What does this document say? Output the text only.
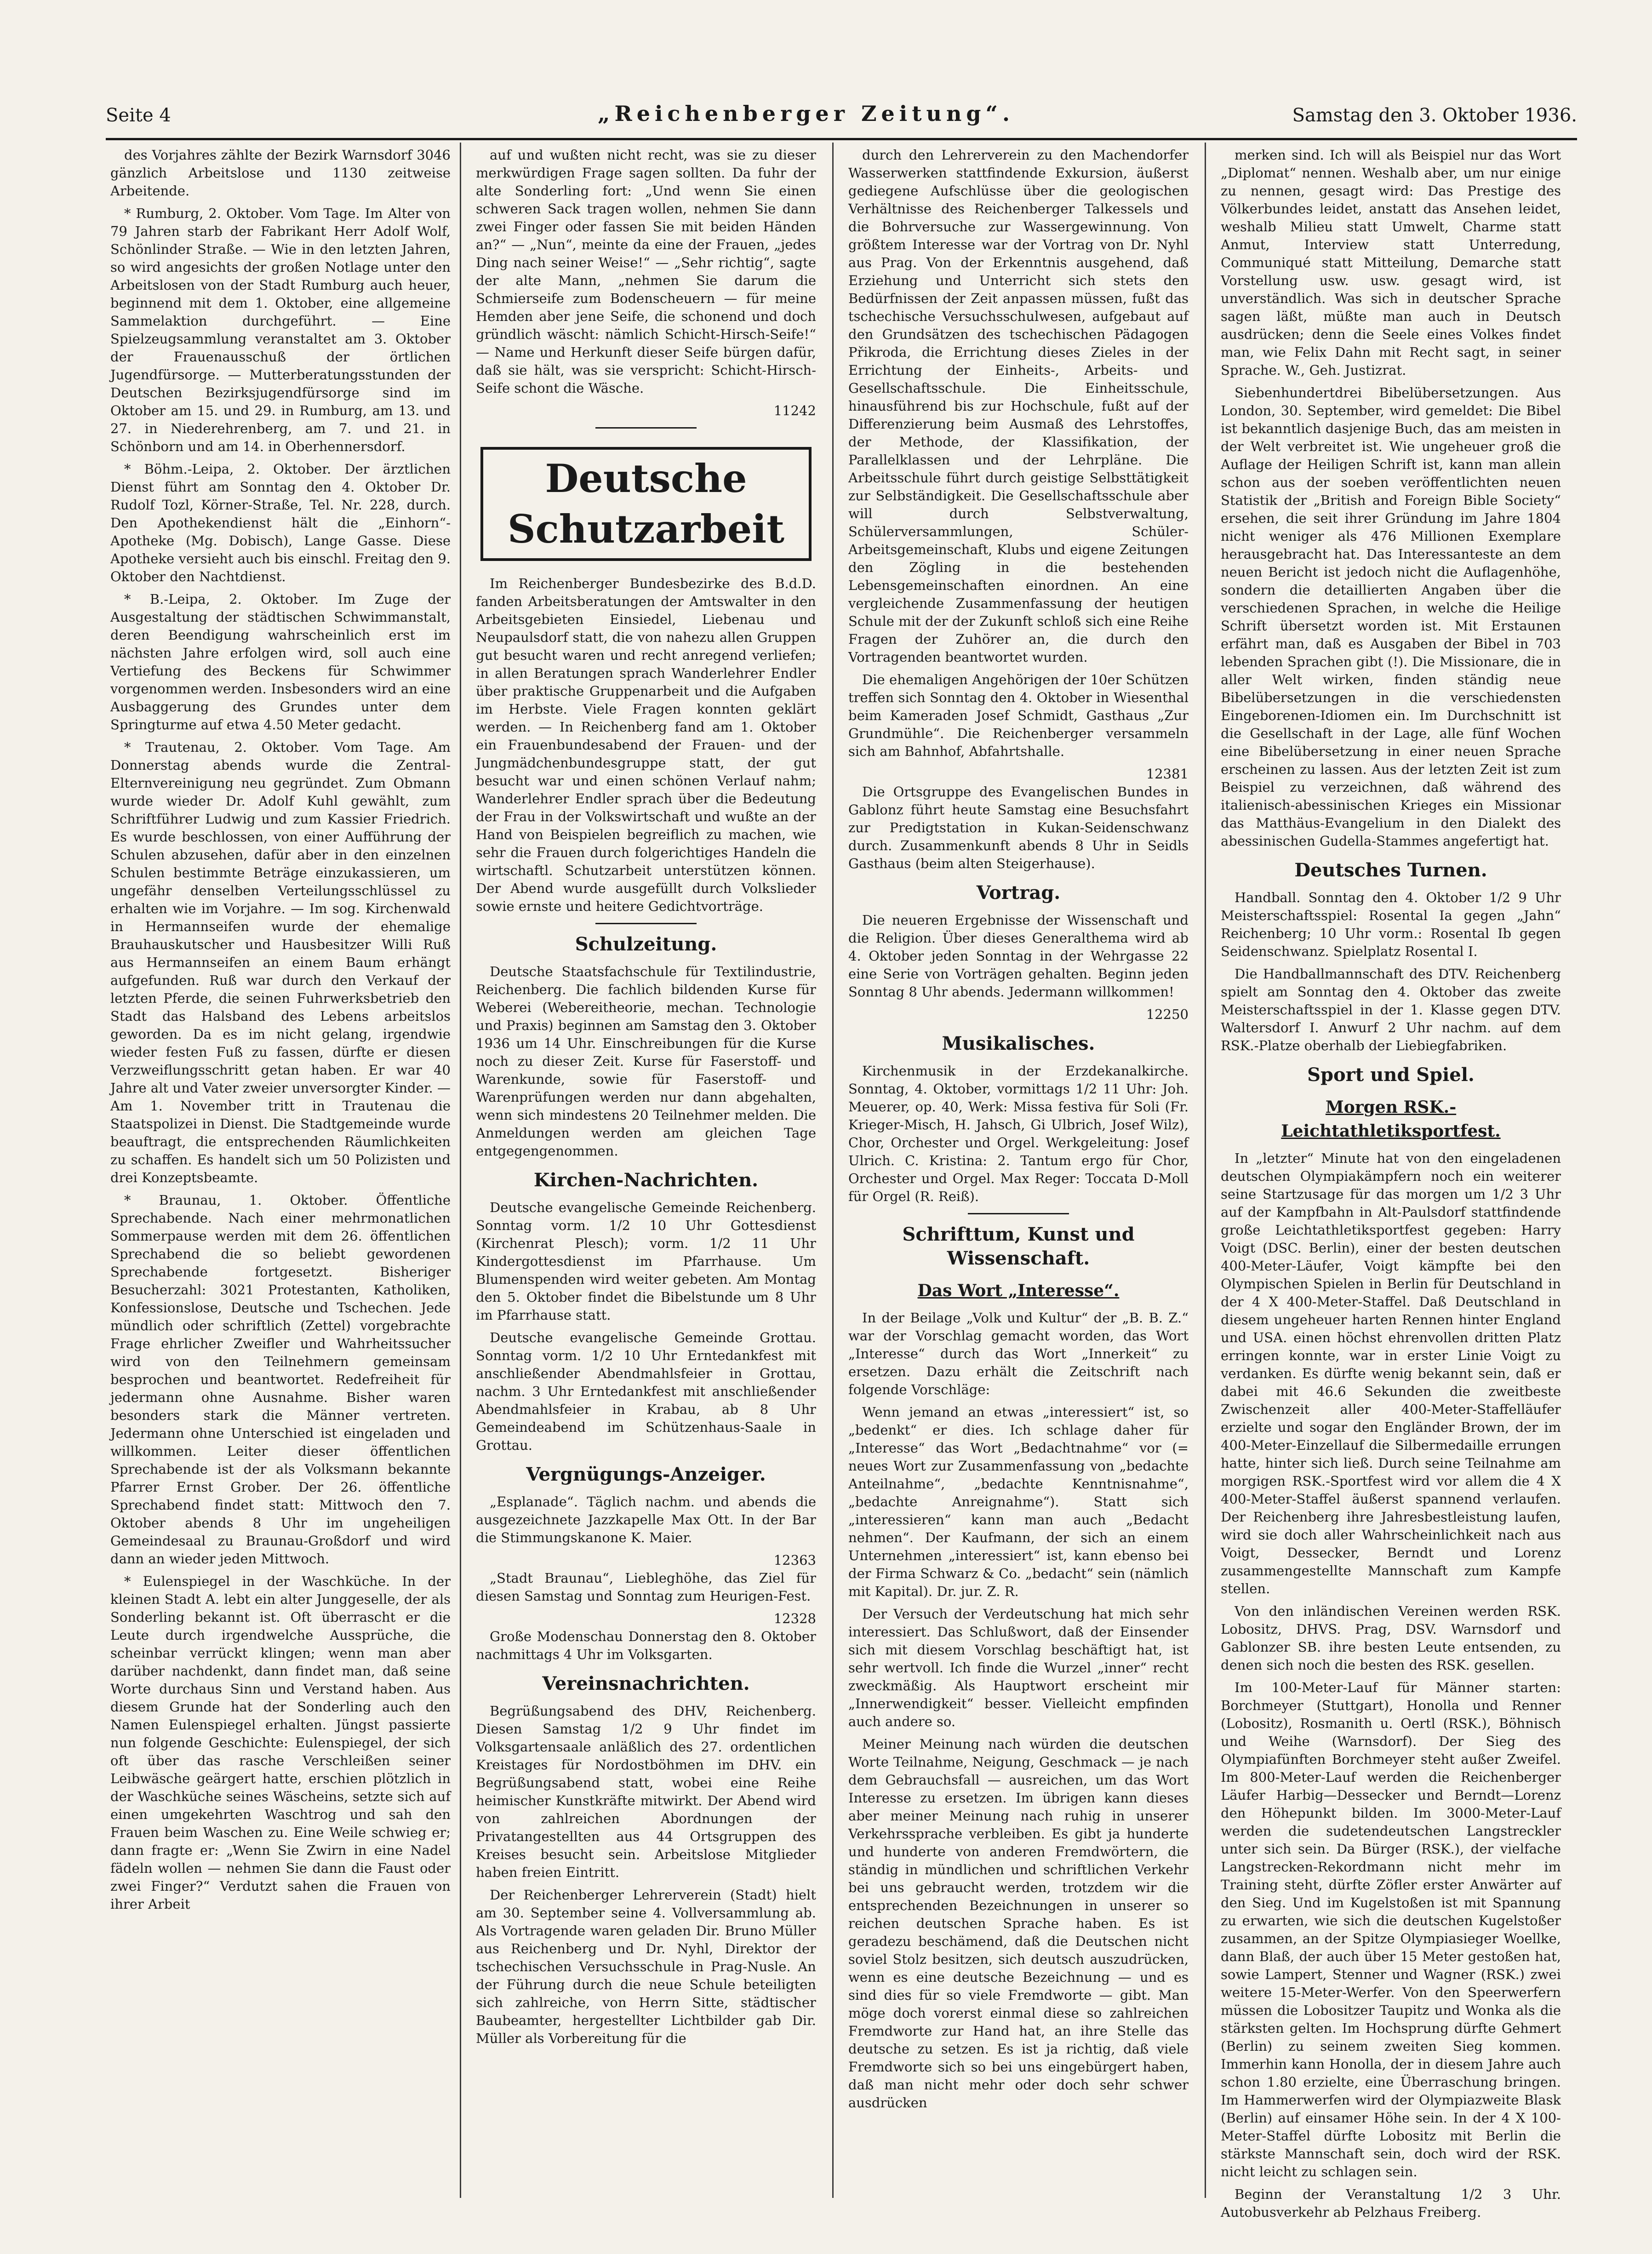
Seite 4	„Reichenberger Zeitung“.	Samstag den 3. Oktober 1936.

des Vorjahres zählte der Bezirk Warnsdorf 3046 gänzlich Arbeitslose und 1130 zeitweise Arbeitende.

* Rumburg, 2. Oktober. Vom Tage. Im Alter von 79 Jahren starb der Fabrikant Herr Adolf Wolf, Schönlinder Straße. — Wie in den letzten Jahren, so wird angesichts der großen Notlage unter den Arbeitslosen von der Stadt Rumburg auch heuer, beginnend mit dem 1. Oktober, eine allgemeine Sammelaktion durchgeführt. — Eine Spielzeugsammlung veranstaltet am 3. Oktober der Frauenausschuß der örtlichen Jugendfürsorge. — Mutterberatungsstunden der Deutschen Bezirksjugendfürsorge sind im Oktober am 15. und 29. in Rumburg, am 13. und 27. in Niederehrenberg, am 7. und 21. in Schönborn und am 14. in Oberhennersdorf.

* Böhm.-Leipa, 2. Oktober. Der ärztlichen Dienst führt am Sonntag den 4. Oktober Dr. Rudolf Tozl, Körner-Straße, Tel. Nr. 228, durch. Den Apothekendienst hält die „Einhorn“-Apotheke (Mg. Dobisch), Lange Gasse. Diese Apotheke versieht auch bis einschl. Freitag den 9. Oktober den Nachtdienst.

* B.-Leipa, 2. Oktober. Im Zuge der Ausgestaltung der städtischen Schwimmanstalt, deren Beendigung wahrscheinlich erst im nächsten Jahre erfolgen wird, soll auch eine Vertiefung des Beckens für Schwimmer vorgenommen werden. Insbesonders wird an eine Ausbaggerung des Grundes unter dem Springturme auf etwa 4.50 Meter gedacht.

* Trautenau, 2. Oktober. Vom Tage. Am Donnerstag abends wurde die Zentral-Elternvereinigung neu gegründet. Zum Obmann wurde wieder Dr. Adolf Kuhl gewählt, zum Schriftführer Ludwig und zum Kassier Friedrich. Es wurde beschlossen, von einer Aufführung der Schulen abzusehen, dafür aber in den einzelnen Schulen bestimmte Beträge einzukassieren, um ungefähr denselben Verteilungsschlüssel zu erhalten wie im Vorjahre. — Im sog. Kirchenwald in Hermannseifen wurde der ehemalige Brauhauskutscher und Hausbesitzer Willi Ruß aus Hermannseifen an einem Baum erhängt aufgefunden. Ruß war durch den Verkauf der letzten Pferde, die seinen Fuhrwerksbetrieb den Stadt das Halsband des Lebens arbeitslos geworden. Da es im nicht gelang, irgendwie wieder festen Fuß zu fassen, dürfte er diesen Verzweiflungsschritt getan haben. Er war 40 Jahre alt und Vater zweier unversorgter Kinder. — Am 1. November tritt in Trautenau die Staatspolizei in Dienst. Die Stadtgemeinde wurde beauftragt, die entsprechenden Räumlichkeiten zu schaffen. Es handelt sich um 50 Polizisten und drei Konzeptsbeamte.

* Braunau, 1. Oktober. Öffentliche Sprechabende. Nach einer mehrmonatlichen Sommerpause werden mit dem 26. öffentlichen Sprechabend die so beliebt gewordenen Sprechabende fortgesetzt. Bisheriger Besucherzahl: 3021 Protestanten, Katholiken, Konfessionslose, Deutsche und Tschechen. Jede mündlich oder schriftlich (Zettel) vorgebrachte Frage ehrlicher Zweifler und Wahrheitssucher wird von den Teilnehmern gemeinsam besprochen und beantwortet. Redefreiheit für jedermann ohne Ausnahme. Bisher waren besonders stark die Männer vertreten. Jedermann ohne Unterschied ist eingeladen und willkommen. Leiter dieser öffentlichen Sprechabende ist der als Volksmann bekannte Pfarrer Ernst Grober. Der 26. öffentliche Sprechabend findet statt: Mittwoch den 7. Oktober abends 8 Uhr im ungeheiligen Gemeindesaal zu Braunau-Großdorf und wird dann an wieder jeden Mittwoch.

* Eulenspiegel in der Waschküche. In der kleinen Stadt A. lebt ein alter Junggeselle, der als Sonderling bekannt ist. Oft überrascht er die Leute durch irgendwelche Aussprüche, die scheinbar verrückt klingen; wenn man aber darüber nachdenkt, dann findet man, daß seine Worte durchaus Sinn und Verstand haben. Aus diesem Grunde hat der Sonderling auch den Namen Eulenspiegel erhalten. Jüngst passierte nun folgende Geschichte: Eulenspiegel, der sich oft über das rasche Verschleißen seiner Leibwäsche geärgert hatte, erschien plötzlich in der Waschküche seines Wäscheins, setzte sich auf einen umgekehrten Waschtrog und sah den Frauen beim Waschen zu. Eine Weile schwieg er; dann fragte er: „Wenn Sie Zwirn in eine Nadel fädeln wollen — nehmen Sie dann die Faust oder zwei Finger?“ Verdutzt sahen die Frauen von ihrer Arbeit

auf und wußten nicht recht, was sie zu dieser merkwürdigen Frage sagen sollten. Da fuhr der alte Sonderling fort: „Und wenn Sie einen schweren Sack tragen wollen, nehmen Sie dann zwei Finger oder fassen Sie mit beiden Händen an?“ — „Nun“, meinte da eine der Frauen, „jedes Ding nach seiner Weise!“ — „Sehr richtig“, sagte der alte Mann, „nehmen Sie darum die Schmierseife zum Bodenscheuern — für meine Hemden aber jene Seife, die schonend und doch gründlich wäscht: nämlich Schicht-Hirsch-Seife!“ — Name und Herkunft dieser Seife bürgen dafür, daß sie hält, was sie verspricht: Schicht-Hirsch-Seife schont die Wäsche.

11242
Deutsche Schutzarbeit

Im Reichenberger Bundesbezirke des B.d.D. fanden Arbeitsberatungen der Amtswalter in den Arbeitsgebieten Einsiedel, Liebenau und Neupaulsdorf statt, die von nahezu allen Gruppen gut besucht waren und recht anregend verliefen; in allen Beratungen sprach Wanderlehrer Endler über praktische Gruppenarbeit und die Aufgaben im Herbste. Viele Fragen konnten geklärt werden. — In Reichenberg fand am 1. Oktober ein Frauenbundesabend der Frauen- und der Jungmädchenbundesgruppe statt, der gut besucht war und einen schönen Verlauf nahm; Wanderlehrer Endler sprach über die Bedeutung der Frau in der Volkswirtschaft und wußte an der Hand von Beispielen begreiflich zu machen, wie sehr die Frauen durch folgerichtiges Handeln die wirtschaftl. Schutzarbeit unterstützen können. Der Abend wurde ausgefüllt durch Volkslieder sowie ernste und heitere Gedichtvorträge.

Schulzeitung.

Deutsche Staatsfachschule für Textilindustrie, Reichenberg. Die fachlich bildenden Kurse für Weberei (Webereitheorie, mechan. Technologie und Praxis) beginnen am Samstag den 3. Oktober 1936 um 14 Uhr. Einschreibungen für die Kurse noch zu dieser Zeit. Kurse für Faserstoff- und Warenkunde, sowie für Faserstoff- und Warenprüfungen werden nur dann abgehalten, wenn sich mindestens 20 Teilnehmer melden. Die Anmeldungen werden am gleichen Tage entgegengenommen.

Kirchen-Nachrichten.

Deutsche evangelische Gemeinde Reichenberg. Sonntag vorm. 1/2 10 Uhr Gottesdienst (Kirchenrat Plesch); vorm. 1/2 11 Uhr Kindergottesdienst im Pfarrhause. Um Blumenspenden wird weiter gebeten. Am Montag den 5. Oktober findet die Bibelstunde um 8 Uhr im Pfarrhause statt.

Deutsche evangelische Gemeinde Grottau. Sonntag vorm. 1/2 10 Uhr Erntedankfest mit anschließender Abendmahlsfeier in Grottau, nachm. 3 Uhr Erntedankfest mit anschließender Abendmahlsfeier in Krabau, ab 8 Uhr Gemeindeabend im Schützenhaus-Saale in Grottau.

Vergnügungs-Anzeiger.

„Esplanade“. Täglich nachm. und abends die ausgezeichnete Jazzkapelle Max Ott. In der Bar die Stimmungskanone K. Maier.

12363

„Stadt Braunau“, Liebleghöhe, das Ziel für diesen Samstag und Sonntag zum Heurigen-Fest.

12328

Große Modenschau Donnerstag den 8. Oktober nachmittags 4 Uhr im Volksgarten.

Vereinsnachrichten.

Begrüßungsabend des DHV, Reichenberg. Diesen Samstag 1/2 9 Uhr findet im Volksgartensaale anläßlich des 27. ordentlichen Kreistages für Nordostböhmen im DHV. ein Begrüßungsabend statt, wobei eine Reihe heimischer Kunstkräfte mitwirkt. Der Abend wird von zahlreichen Abordnungen der Privatangestellten aus 44 Ortsgruppen des Kreises besucht sein. Arbeitslose Mitglieder haben freien Eintritt.

Der Reichenberger Lehrerverein (Stadt) hielt am 30. September seine 4. Vollversammlung ab. Als Vortragende waren geladen Dir. Bruno Müller aus Reichenberg und Dr. Nyhl, Direktor der tschechischen Versuchsschule in Prag-Nusle. An der Führung durch die neue Schule beteiligten sich zahlreiche, von Herrn Sitte, städtischer Baubeamter, hergestellter Lichtbilder gab Dir. Müller als Vorbereitung für die

durch den Lehrerverein zu den Machendorfer Wasserwerken stattfindende Exkursion, äußerst gediegene Aufschlüsse über die geologischen Verhältnisse des Reichenberger Talkessels und die Bohrversuche zur Wassergewinnung. Von größtem Interesse war der Vortrag von Dr. Nyhl aus Prag. Von der Erkenntnis ausgehend, daß Erziehung und Unterricht sich stets den Bedürfnissen der Zeit anpassen müssen, fußt das tschechische Versuchsschulwesen, aufgebaut auf den Grundsätzen des tschechischen Pädagogen Přikroda, die Errichtung dieses Zieles in der Errichtung der Einheits-, Arbeits- und Gesellschaftsschule. Die Einheitsschule, hinausführend bis zur Hochschule, fußt auf der Differenzierung beim Ausmaß des Lehrstoffes, der Methode, der Klassifikation, der Parallelklassen und der Lehrpläne. Die Arbeitsschule führt durch geistige Selbsttätigkeit zur Selbständigkeit. Die Gesellschaftsschule aber will durch Selbstverwaltung, Schülerversammlungen, Schüler-Arbeitsgemeinschaft, Klubs und eigene Zeitungen den Zögling in die bestehenden Lebensgemeinschaften einordnen. An eine vergleichende Zusammenfassung der heutigen Schule mit der der Zukunft schloß sich eine Reihe Fragen der Zuhörer an, die durch den Vortragenden beantwortet wurden.

Die ehemaligen Angehörigen der 10er Schützen treffen sich Sonntag den 4. Oktober in Wiesenthal beim Kameraden Josef Schmidt, Gasthaus „Zur Grundmühle“. Die Reichenberger versammeln sich am Bahnhof, Abfahrtshalle.

12381

Die Ortsgruppe des Evangelischen Bundes in Gablonz führt heute Samstag eine Besuchsfahrt zur Predigtstation in Kukan-Seidenschwanz durch. Zusammenkunft abends 8 Uhr in Seidls Gasthaus (beim alten Steigerhause).

Vortrag.

Die neueren Ergebnisse der Wissenschaft und die Religion. Über dieses Generalthema wird ab 4. Oktober jeden Sonntag in der Wehrgasse 22 eine Serie von Vorträgen gehalten. Beginn jeden Sonntag 8 Uhr abends. Jedermann willkommen!

12250
Musikalisches.

Kirchenmusik in der Erzdekanalkirche. Sonntag, 4. Oktober, vormittags 1/2 11 Uhr: Joh. Meuerer, op. 40, Werk: Missa festiva für Soli (Fr. Krieger-Misch, H. Jahsch, Gi Ulbrich, Josef Wilz), Chor, Orchester und Orgel. Werkgeleitung: Josef Ulrich. C. Kristina: 2. Tantum ergo für Chor, Orchester und Orgel. Max Reger: Toccata D-Moll für Orgel (R. Reiß).

Schrifttum, Kunst und Wissenschaft.
Das Wort „Interesse“.

In der Beilage „Volk und Kultur“ der „B. B. Z.“ war der Vorschlag gemacht worden, das Wort „Interesse“ durch das Wort „Innerkeit“ zu ersetzen. Dazu erhält die Zeitschrift nach folgende Vorschläge:

Wenn jemand an etwas „interessiert“ ist, so „bedenkt“ er dies. Ich schlage daher für „Interesse“ das Wort „Bedachtnahme“ vor (= neues Wort zur Zusammenfassung von „bedachte Anteilnahme“, „bedachte Kenntnisnahme“, „bedachte Anreignahme“). Statt sich „interessieren“ kann man auch „Bedacht nehmen“. Der Kaufmann, der sich an einem Unternehmen „interessiert“ ist, kann ebenso bei der Firma Schwarz & Co. „bedacht“ sein (nämlich mit Kapital). Dr. jur. Z. R.

Der Versuch der Verdeutschung hat mich sehr interessiert. Das Schlußwort, daß der Einsender sich mit diesem Vorschlag beschäftigt hat, ist sehr wertvoll. Ich finde die Wurzel „inner“ recht zweckmäßig. Als Hauptwort erscheint mir „Innerwendigkeit“ besser. Vielleicht empfinden auch andere so.

Meiner Meinung nach würden die deutschen Worte Teilnahme, Neigung, Geschmack — je nach dem Gebrauchsfall — ausreichen, um das Wort Interesse zu ersetzen. Im übrigen kann dieses aber meiner Meinung nach ruhig in unserer Verkehrssprache verbleiben. Es gibt ja hunderte und hunderte von anderen Fremdwörtern, die ständig in mündlichen und schriftlichen Verkehr bei uns gebraucht werden, trotzdem wir die entsprechenden Bezeichnungen in unserer so reichen deutschen Sprache haben. Es ist geradezu beschämend, daß die Deutschen nicht soviel Stolz besitzen, sich deutsch auszudrücken, wenn es eine deutsche Bezeichnung — und es sind dies für so viele Fremdworte — gibt. Man möge doch vorerst einmal diese so zahlreichen Fremdworte zur Hand hat, an ihre Stelle das deutsche zu setzen. Es ist ja richtig, daß viele Fremdworte sich so bei uns eingebürgert haben, daß man nicht mehr oder doch sehr schwer ausdrücken

merken sind. Ich will als Beispiel nur das Wort „Diplomat“ nennen. Weshalb aber, um nur einige zu nennen, gesagt wird: Das Prestige des Völkerbundes leidet, anstatt das Ansehen leidet, weshalb Milieu statt Umwelt, Charme statt Anmut, Interview statt Unterredung, Communiqué statt Mitteilung, Demarche statt Vorstellung usw. usw. gesagt wird, ist unverständlich. Was sich in deutscher Sprache sagen läßt, müßte man auch in Deutsch ausdrücken; denn die Seele eines Volkes findet man, wie Felix Dahn mit Recht sagt, in seiner Sprache. W., Geh. Justizrat.

Siebenhundertdrei Bibelübersetzungen. Aus London, 30. September, wird gemeldet: Die Bibel ist bekanntlich dasjenige Buch, das am meisten in der Welt verbreitet ist. Wie ungeheuer groß die Auflage der Heiligen Schrift ist, kann man allein schon aus der soeben veröffentlichten neuen Statistik der „British and Foreign Bible Society“ ersehen, die seit ihrer Gründung im Jahre 1804 nicht weniger als 476 Millionen Exemplare herausgebracht hat. Das Interessanteste an dem neuen Bericht ist jedoch nicht die Auflagenhöhe, sondern die detaillierten Angaben über die verschiedenen Sprachen, in welche die Heilige Schrift übersetzt worden ist. Mit Erstaunen erfährt man, daß es Ausgaben der Bibel in 703 lebenden Sprachen gibt (!). Die Missionare, die in aller Welt wirken, finden ständig neue Bibelübersetzungen in die verschiedensten Eingeborenen-Idiomen ein. Im Durchschnitt ist die Gesellschaft in der Lage, alle fünf Wochen eine Bibelübersetzung in einer neuen Sprache erscheinen zu lassen. Aus der letzten Zeit ist zum Beispiel zu verzeichnen, daß während des italienisch-abessinischen Krieges ein Missionar das Matthäus-Evangelium in den Dialekt des abessinischen Gudella-Stammes angefertigt hat.

Deutsches Turnen.

Handball. Sonntag den 4. Oktober 1/2 9 Uhr Meisterschaftsspiel: Rosental Ia gegen „Jahn“ Reichenberg; 10 Uhr vorm.: Rosental Ib gegen Seidenschwanz. Spielplatz Rosental I.

Die Handballmannschaft des DTV. Reichenberg spielt am Sonntag den 4. Oktober das zweite Meisterschaftsspiel in der 1. Klasse gegen DTV. Waltersdorf I. Anwurf 2 Uhr nachm. auf dem RSK.-Platze oberhalb der Liebiegfabriken.

Sport und Spiel.
Morgen RSK.-Leichtathletiksportfest.

In „letzter“ Minute hat von den eingeladenen deutschen Olympiakämpfern noch ein weiterer seine Startzusage für das morgen um 1/2 3 Uhr auf der Kampfbahn in Alt-Paulsdorf stattfindende große Leichtathletiksportfest gegeben: Harry Voigt (DSC. Berlin), einer der besten deutschen 400-Meter-Läufer, Voigt kämpfte bei den Olympischen Spielen in Berlin für Deutschland in der 4 X 400-Meter-Staffel. Daß Deutschland in diesem ungeheuer harten Rennen hinter England und USA. einen höchst ehrenvollen dritten Platz erringen konnte, war in erster Linie Voigt zu verdanken. Es dürfte wenig bekannt sein, daß er dabei mit 46.6 Sekunden die zweitbeste Zwischenzeit aller 400-Meter-Staffelläufer erzielte und sogar den Engländer Brown, der im 400-Meter-Einzellauf die Silbermedaille errungen hatte, hinter sich ließ. Durch seine Teilnahme am morgigen RSK.-Sportfest wird vor allem die 4 X 400-Meter-Staffel äußerst spannend verlaufen. Der Reichenberg ihre Jahresbestleistung laufen, wird sie doch aller Wahrscheinlichkeit nach aus Voigt, Dessecker, Berndt und Lorenz zusammengestellte Mannschaft zum Kampfe stellen.

Von den inländischen Vereinen werden RSK. Lobositz, DHVS. Prag, DSV. Warnsdorf und Gablonzer SB. ihre besten Leute entsenden, zu denen sich noch die besten des RSK. gesellen.

Im 100-Meter-Lauf für Männer starten: Borchmeyer (Stuttgart), Honolla und Renner (Lobositz), Rosmanith u. Oertl (RSK.), Böhnisch und Weihe (Warnsdorf). Der Sieg des Olympiafünften Borchmeyer steht außer Zweifel. Im 800-Meter-Lauf werden die Reichenberger Läufer Harbig—Dessecker und Berndt—Lorenz den Höhepunkt bilden. Im 3000-Meter-Lauf werden die sudetendeutschen Langstreckler unter sich sein. Da Bürger (RSK.), der vielfache Langstrecken-Rekordmann nicht mehr im Training steht, dürfte Zöfler erster Anwärter auf den Sieg. Und im Kugelstoßen ist mit Spannung zu erwarten, wie sich die deutschen Kugelstoßer zusammen, an der Spitze Olympiasieger Woellke, dann Blaß, der auch über 15 Meter gestoßen hat, sowie Lampert, Stenner und Wagner (RSK.) zwei weitere 15-Meter-Werfer. Von den Speerwerfern müssen die Lobositzer Taupitz und Wonka als die stärksten gelten. Im Hochsprung dürfte Gehmert (Berlin) zu seinem zweiten Sieg kommen. Immerhin kann Honolla, der in diesem Jahre auch schon 1.80 erzielte, eine Überraschung bringen. Im Hammerwerfen wird der Olympiazweite Blask (Berlin) auf einsamer Höhe sein. In der 4 X 100-Meter-Staffel dürfte Lobositz mit Berlin die stärkste Mannschaft sein, doch wird der RSK. nicht leicht zu schlagen sein.

Beginn der Veranstaltung 1/2 3 Uhr. Autobusverkehr ab Pelzhaus Freiberg.
